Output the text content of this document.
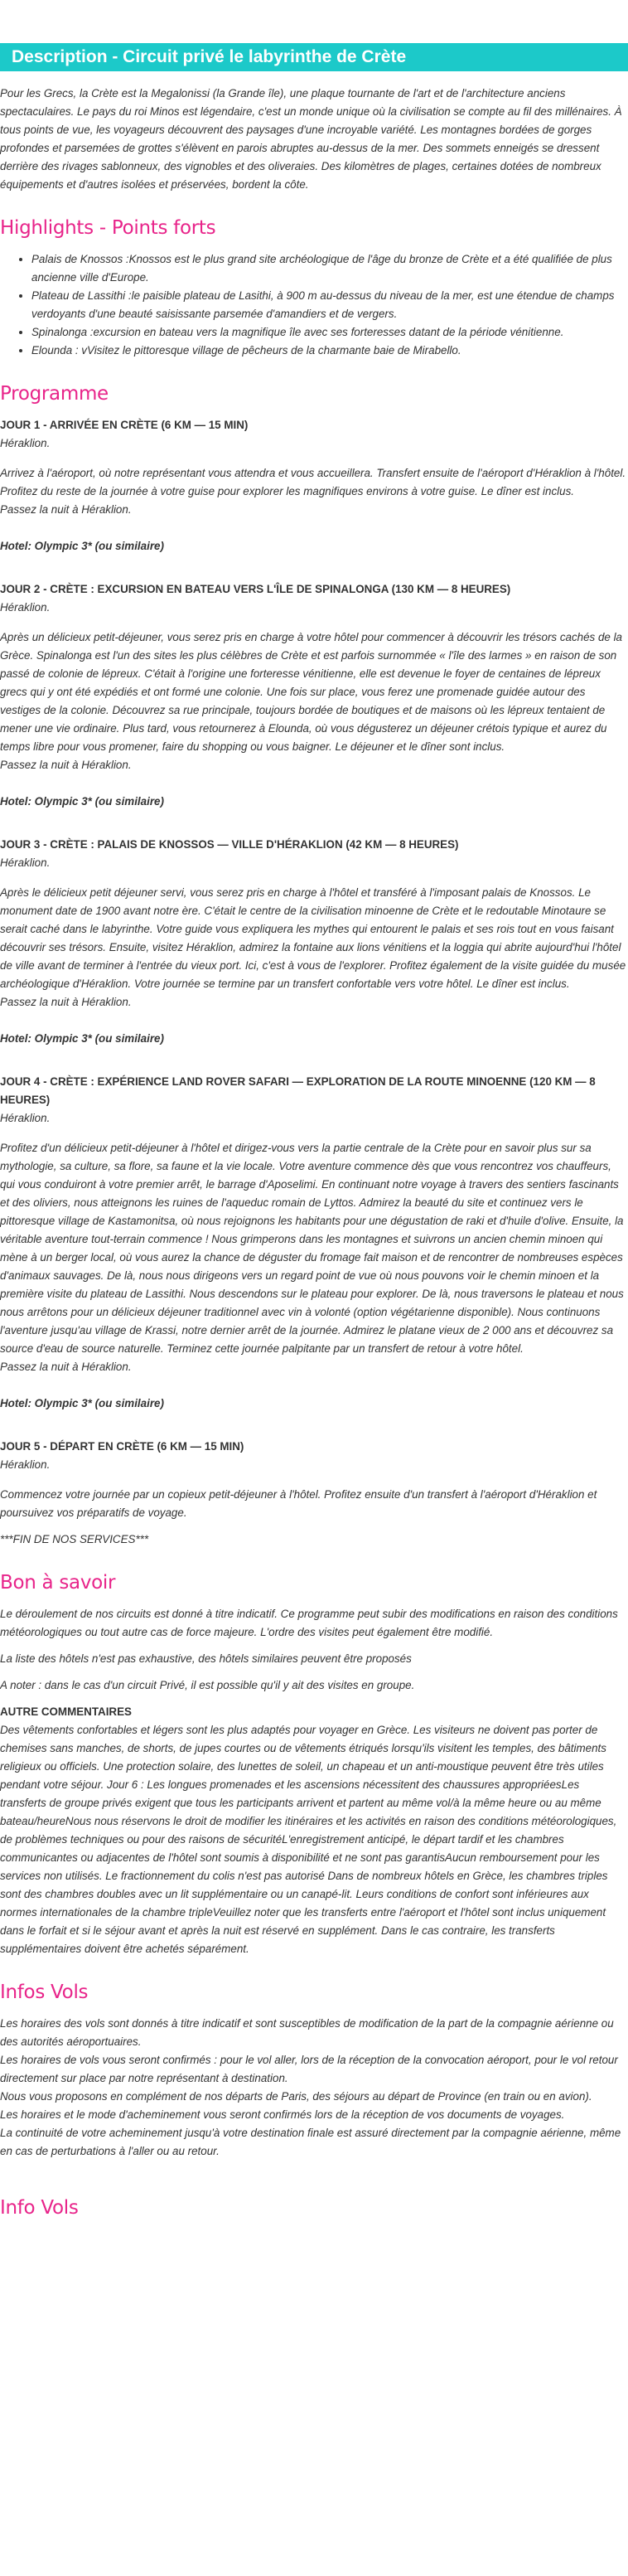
Description - Circuit privé le labyrinthe de Crète

Pour les Grecs, la Crète est la Megalonissi (la Grande île), une plaque tournante de l'art et de l'architecture anciens spectaculaires. Le pays du roi Minos est légendaire, c'est un monde unique où la civilisation se compte au fil des millénaires. À tous points de vue, les voyageurs découvrent des paysages d'une incroyable variété. Les montagnes bordées de gorges profondes et parsemées de grottes s'élèvent en parois abruptes au-dessus de la mer. Des sommets enneigés se dressent derrière des rivages sablonneux, des vignobles et des oliveraies. Des kilomètres de plages, certaines dotées de nombreux équipements et d'autres isolées et préservées, bordent la côte.

Highlights - Points forts
• Palais de Knossos :Knossos est le plus grand site archéologique de l'âge du bronze de Crète et a été qualifiée de plus ancienne ville d'Europe.
• Plateau de Lassithi :le paisible plateau de Lasithi, à 900 m au-dessus du niveau de la mer, est une étendue de champs verdoyants d'une beauté saisissante parsemée d'amandiers et de vergers.
• Spinalonga :excursion en bateau vers la magnifique île avec ses forteresses datant de la période vénitienne.
• Elounda : vVisitez le pittoresque village de pêcheurs de la charmante baie de Mirabello.
Programme
JOUR 1 - ARRIVÉE EN CRÈTE (6 KM — 15 MIN)

Héraklion.

Arrivez à l'aéroport, où notre représentant vous attendra et vous accueillera. Transfert ensuite de l'aéroport d'Héraklion à l'hôtel. Profitez du reste de la journée à votre guise pour explorer les magnifiques environs à votre guise. Le dîner est inclus.

Passez la nuit à Héraklion.

Hotel: Olympic 3* (ou similaire)

JOUR 2 - CRÈTE : EXCURSION EN BATEAU VERS L'ÎLE DE SPINALONGA (130 KM — 8 HEURES)

Héraklion.

Après un délicieux petit-déjeuner, vous serez pris en charge à votre hôtel pour commencer à découvrir les trésors cachés de la Grèce. Spinalonga est l'un des sites les plus célèbres de Crète et est parfois surnommée « l'île des larmes » en raison de son passé de colonie de lépreux. C'était à l'origine une forteresse vénitienne, elle est devenue le foyer de centaines de lépreux grecs qui y ont été expédiés et ont formé une colonie. Une fois sur place, vous ferez une promenade guidée autour des vestiges de la colonie. Découvrez sa rue principale, toujours bordée de boutiques et de maisons où les lépreux tentaient de mener une vie ordinaire. Plus tard, vous retournerez à Elounda, où vous dégusterez un déjeuner crétois typique et aurez du temps libre pour vous promener, faire du shopping ou vous baigner. Le déjeuner et le dîner sont inclus.

Passez la nuit à Héraklion.

Hotel: Olympic 3* (ou similaire)

JOUR 3 - CRÈTE : PALAIS DE KNOSSOS — VILLE D'HÉRAKLION (42 KM — 8 HEURES)

Héraklion.

Après le délicieux petit déjeuner servi, vous serez pris en charge à l'hôtel et transféré à l'imposant palais de Knossos. Le monument date de 1900 avant notre ère. C'était le centre de la civilisation minoenne de Crète et le redoutable Minotaure se serait caché dans le labyrinthe. Votre guide vous expliquera les mythes qui entourent le palais et ses rois tout en vous faisant découvrir ses trésors. Ensuite, visitez Héraklion, admirez la fontaine aux lions vénitiens et la loggia qui abrite aujourd'hui l'hôtel de ville avant de terminer à l'entrée du vieux port. Ici, c'est à vous de l'explorer. Profitez également de la visite guidée du musée archéologique d'Héraklion. Votre journée se termine par un transfert confortable vers votre hôtel. Le dîner est inclus.

Passez la nuit à Héraklion.

Hotel: Olympic 3* (ou similaire)

JOUR 4 - CRÈTE : EXPÉRIENCE LAND ROVER SAFARI — EXPLORATION DE LA ROUTE MINOENNE (120 KM — 8 HEURES)

Héraklion.

Profitez d'un délicieux petit-déjeuner à l'hôtel et dirigez-vous vers la partie centrale de la Crète pour en savoir plus sur sa mythologie, sa culture, sa flore, sa faune et la vie locale. Votre aventure commence dès que vous rencontrez vos chauffeurs, qui vous conduiront à votre premier arrêt, le barrage d'Aposelimi. En continuant notre voyage à travers des sentiers fascinants et des oliviers, nous atteignons les ruines de l'aqueduc romain de Lyttos. Admirez la beauté du site et continuez vers le pittoresque village de Kastamonitsa, où nous rejoignons les habitants pour une dégustation de raki et d'huile d'olive. Ensuite, la véritable aventure tout-terrain commence ! Nous grimperons dans les montagnes et suivrons un ancien chemin minoen qui mène à un berger local, où vous aurez la chance de déguster du fromage fait maison et de rencontrer de nombreuses espèces d'animaux sauvages. De là, nous nous dirigeons vers un regard point de vue où nous pouvons voir le chemin minoen et la première visite du plateau de Lassithi. Nous descendons sur le plateau pour explorer. De là, nous traversons le plateau et nous nous arrêtons pour un délicieux déjeuner traditionnel avec vin à volonté (option végétarienne disponible). Nous continuons l'aventure jusqu'au village de Krassi, notre dernier arrêt de la journée. Admirez le platane vieux de 2 000 ans et découvrez sa source d'eau de source naturelle. Terminez cette journée palpitante par un transfert de retour à votre hôtel.

Passez la nuit à Héraklion.

Hotel: Olympic 3* (ou similaire)

JOUR 5 - DÉPART EN CRÈTE (6 KM — 15 MIN)

Héraklion.

Commencez votre journée par un copieux petit-déjeuner à l'hôtel. Profitez ensuite d'un transfert à l'aéroport d'Héraklion et poursuivez vos préparatifs de voyage.

***FIN DE NOS SERVICES***

Bon à savoir

Le déroulement de nos circuits est donné à titre indicatif. Ce programme peut subir des modifications en raison des conditions météorologiques ou tout autre cas de force majeure. L'ordre des visites peut également être modifié.

La liste des hôtels n'est pas exhaustive, des hôtels similaires peuvent être proposés

A noter : dans le cas d'un circuit Privé, il est possible qu'il y ait des visites en groupe.

AUTRE COMMENTAIRES

Des vêtements confortables et légers sont les plus adaptés pour voyager en Grèce. Les visiteurs ne doivent pas porter de chemises sans manches, de shorts, de jupes courtes ou de vêtements étriqués lorsqu'ils visitent les temples, des bâtiments religieux ou officiels. Une protection solaire, des lunettes de soleil, un chapeau et un anti-moustique peuvent être très utiles pendant votre séjour. Jour 6 : Les longues promenades et les ascensions nécessitent des chaussures appropriéesLes transferts de groupe privés exigent que tous les participants arrivent et partent au même vol/à la même heure ou au même bateau/heureNous nous réservons le droit de modifier les itinéraires et les activités en raison des conditions météorologiques, de problèmes techniques ou pour des raisons de sécuritéL'enregistrement anticipé, le départ tardif et les chambres communicantes ou adjacentes de l'hôtel sont soumis à disponibilité et ne sont pas garantisAucun remboursement pour les services non utilisés. Le fractionnement du colis n'est pas autorisé Dans de nombreux hôtels en Grèce, les chambres triples sont des chambres doubles avec un lit supplémentaire ou un canapé-lit. Leurs conditions de confort sont inférieures aux normes internationales de la chambre tripleVeuillez noter que les transferts entre l'aéroport et l'hôtel sont inclus uniquement dans le forfait et si le séjour avant et après la nuit est réservé en supplément. Dans le cas contraire, les transferts supplémentaires doivent être achetés séparément.

Infos Vols

Les horaires des vols sont donnés à titre indicatif et sont susceptibles de modification de la part de la compagnie aérienne ou des autorités aéroportuaires.

Les horaires de vols vous seront confirmés : pour le vol aller, lors de la réception de la convocation aéroport, pour le vol retour directement sur place par notre représentant à destination.

Nous vous proposons en complément de nos départs de Paris, des séjours au départ de Province (en train ou en avion).

Les horaires et le mode d'acheminement vous seront confirmés lors de la réception de vos documents de voyages.

La continuité de votre acheminement jusqu'à votre destination finale est assuré directement par la compagnie aérienne, même en cas de perturbations à l'aller ou au retour.

Info Vols
